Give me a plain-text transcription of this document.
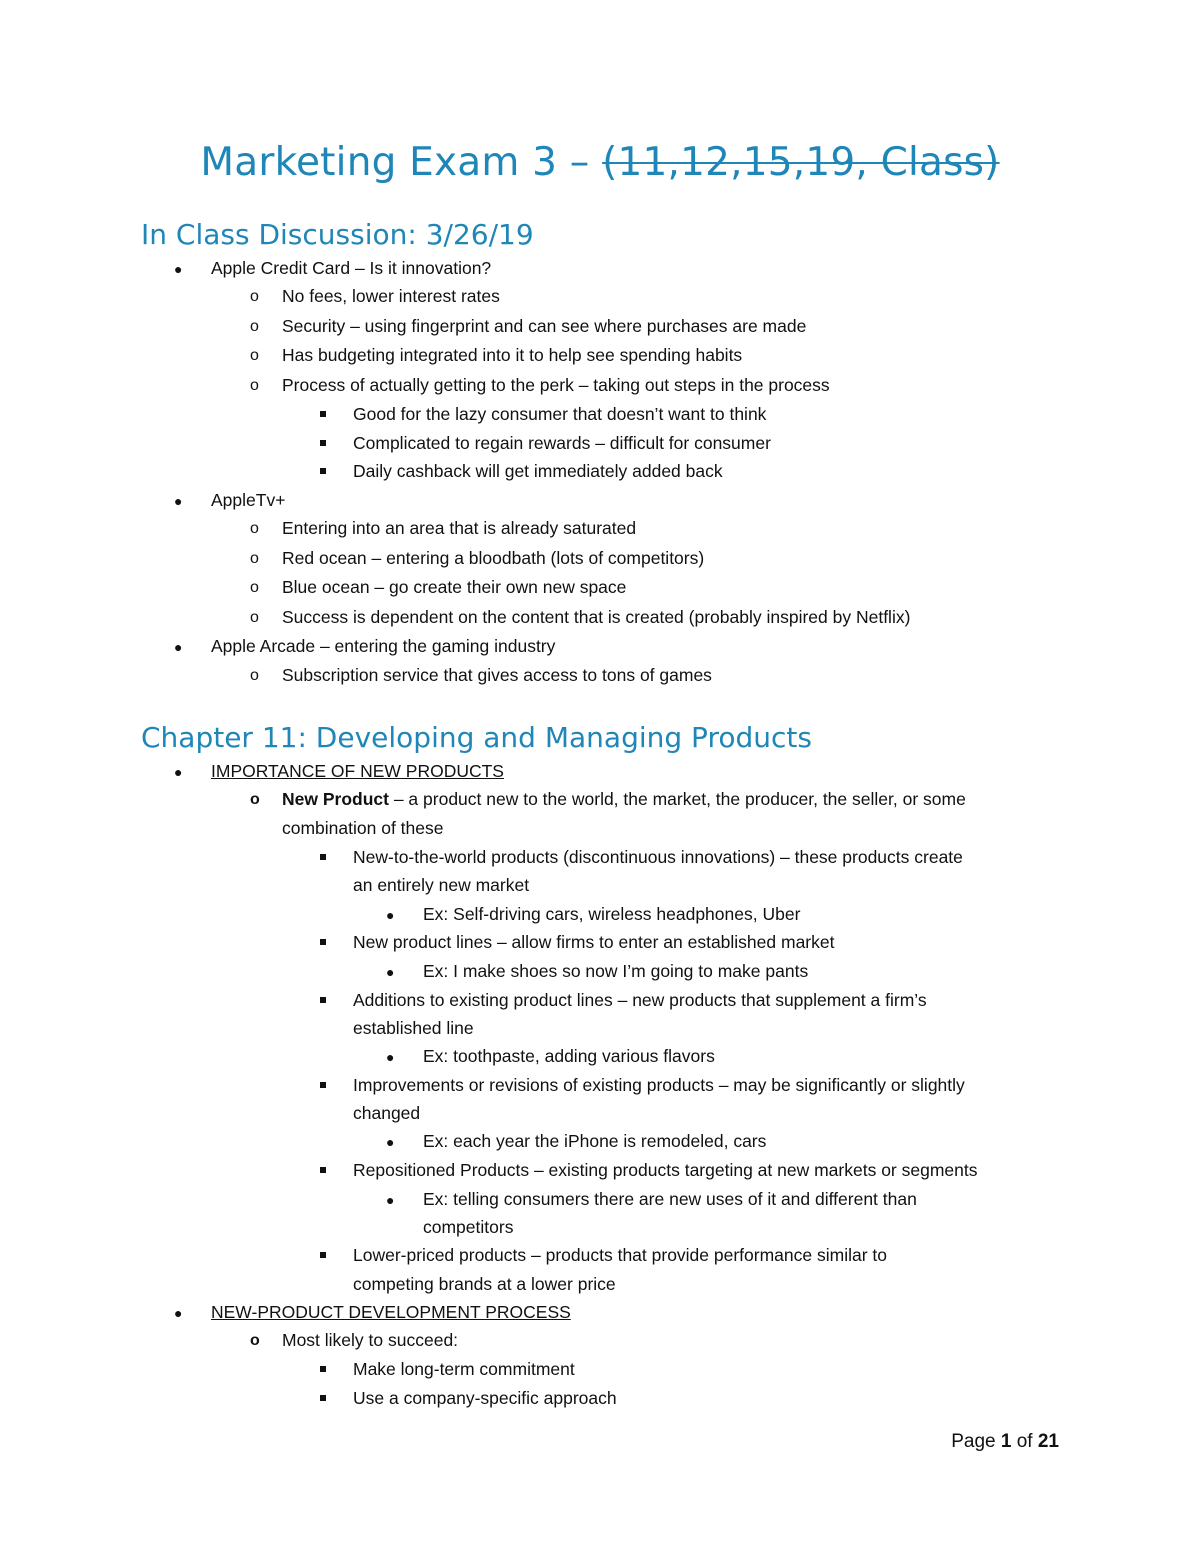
Marketing Exam 3 – (11,12,15,19, Class)
In Class Discussion: 3/26/19
● Apple Credit Card – Is it innovation?
o No fees, lower interest rates
o Security – using fingerprint and can see where purchases are made
o Has budgeting integrated into it to help see spending habits
o Process of actually getting to the perk – taking out steps in the process
Good for the lazy consumer that doesn’t want to think
Complicated to regain rewards – difficult for consumer
Daily cashback will get immediately added back
● AppleTv+
o Entering into an area that is already saturated
o Red ocean – entering a bloodbath (lots of competitors)
o Blue ocean – go create their own new space
o Success is dependent on the content that is created (probably inspired by Netflix)
● Apple Arcade – entering the gaming industry
o Subscription service that gives access to tons of games
Chapter 11: Developing and Managing Products
● IMPORTANCE OF NEW PRODUCTS
o New Product – a product new to the world, the market, the producer, the seller, or some
combination of these
New-to-the-world products (discontinuous innovations) – these products create
an entirely new market
● Ex: Self-driving cars, wireless headphones, Uber
New product lines – allow firms to enter an established market
● Ex: I make shoes so now I’m going to make pants
Additions to existing product lines – new products that supplement a firm’s
established line
● Ex: toothpaste, adding various flavors
Improvements or revisions of existing products – may be significantly or slightly
changed
● Ex: each year the iPhone is remodeled, cars
Repositioned Products – existing products targeting at new markets or segments
● Ex: telling consumers there are new uses of it and different than
competitors
Lower-priced products – products that provide performance similar to
competing brands at a lower price
● NEW-PRODUCT DEVELOPMENT PROCESS
o Most likely to succeed:
Make long-term commitment
Use a company-specific approach
Page 1 of 21
